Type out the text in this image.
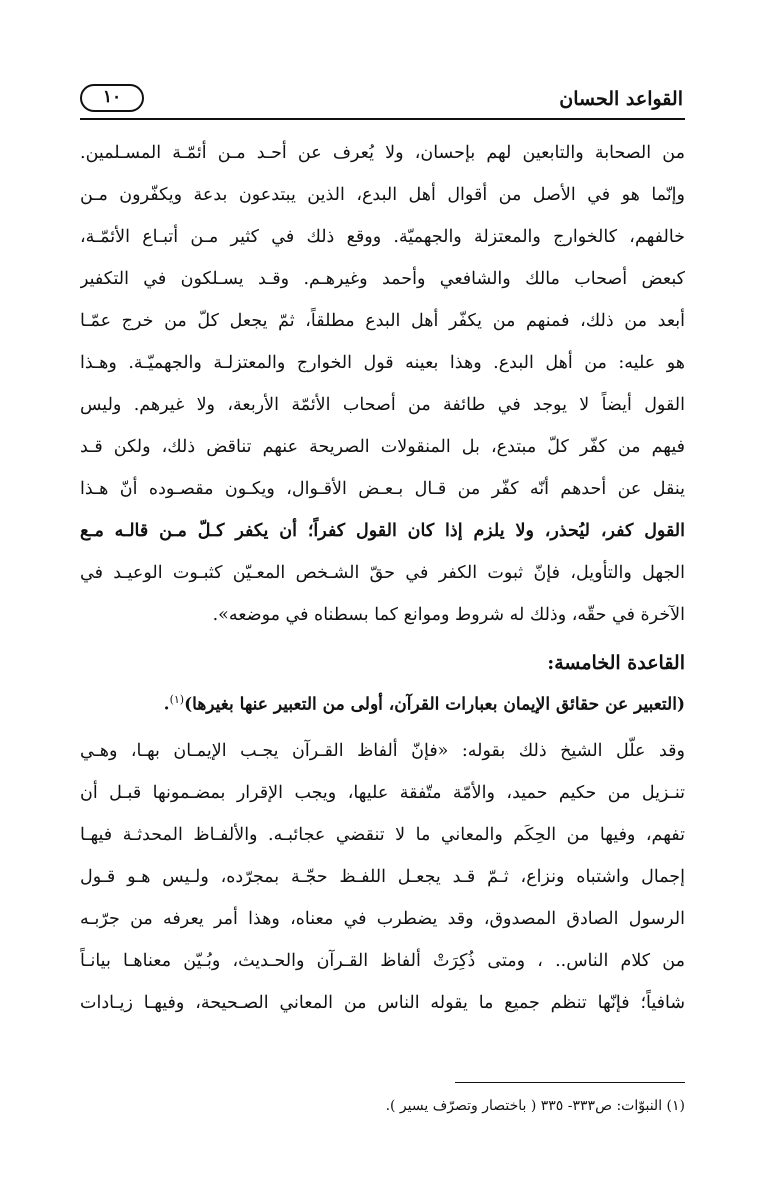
القواعد الحسان
١٠
من الصحابة والتابعين لهم بإحسان، ولا يُعرف عن أحـد مـن أئمّـة المسـلمين.
وإنّما هو في الأصل من أقوال أهل البدع، الذين يبتدعون بدعة ويكفّرون مـن
خالفهم، كالخوارج والمعتزلة والجهميّة. ووقع ذلك في كثير مـن أتبـاع الأئمّـة،
كبعض أصحاب مالك والشافعي وأحمد وغيرهـم. وقـد يسـلكون في التكفير
أبعد من ذلك، فمنهم من يكفّر أهل البدع مطلقاً، ثمّ يجعل كلّ من خرج عمّـا
هو عليه: من أهل البدع. وهذا بعينه قول الخوارج والمعتزلـة والجهميّـة. وهـذا
القول أيضاً لا يوجد في طائفة من أصحاب الأئمّة الأربعة، ولا غيرهم. وليس
فيهم من كفّر كلّ مبتدع، بل المنقولات الصريحة عنهم تناقض ذلك، ولكن قـد
ينقل عن أحدهم أنّه كفّر من قـال بـعـض الأقـوال، ويكـون مقصـوده أنّ هـذا
القول كفر، ليُحذر، ولا يلزم إذا كان القول كفراً؛ أن يكفر كـلّ مـن قالـه مـع
الجهل والتأويل، فإنّ ثبوت الكفر في حقّ الشـخص المعـيّن كثبـوت الوعيـد في
الآخرة في حقّه، وذلك له شروط وموانع كما بسطناه في موضعه».
القاعدة الخامسة:
(التعبير عن حقائق الإيمان بعبارات القرآن، أولى من التعبير عنها بغيرها)$^{(١)}$.
وقد علّل الشيخ ذلك بقوله: «فإنّ ألفاظ القـرآن يجـب الإيمـان بهـا، وهـي
تنـزيل من حكيم حميد، والأمّة متّفقة عليها، ويجب الإقرار بمضـمونها قبـل أن
تفهم، وفيها من الحِكَم والمعاني ما لا تنقضي عجائبـه. والألفـاظ المحدثـة فيهـا
إجمال واشتباه ونزاع، ثـمّ قـد يجعـل اللفـظ حجّـة بمجرّده، ولـيس هـو قـول
الرسول الصادق المصدوق، وقد يضطرب في معناه، وهذا أمر يعرفه من جرّبـه
من كلام الناس.. ، ومتى ذُكِرَتْ ألفاظ القـرآن والحـديث، وبُـيّن معناهـا بيانـاً
شافياً؛ فإنّها تنظم جميع ما يقوله الناس من المعاني الصـحيحة، وفيهـا زيـادات
(١) النبوّات: ص٣٣٣- ٣٣٥ ( باختصار وتصرّف يسير ).
